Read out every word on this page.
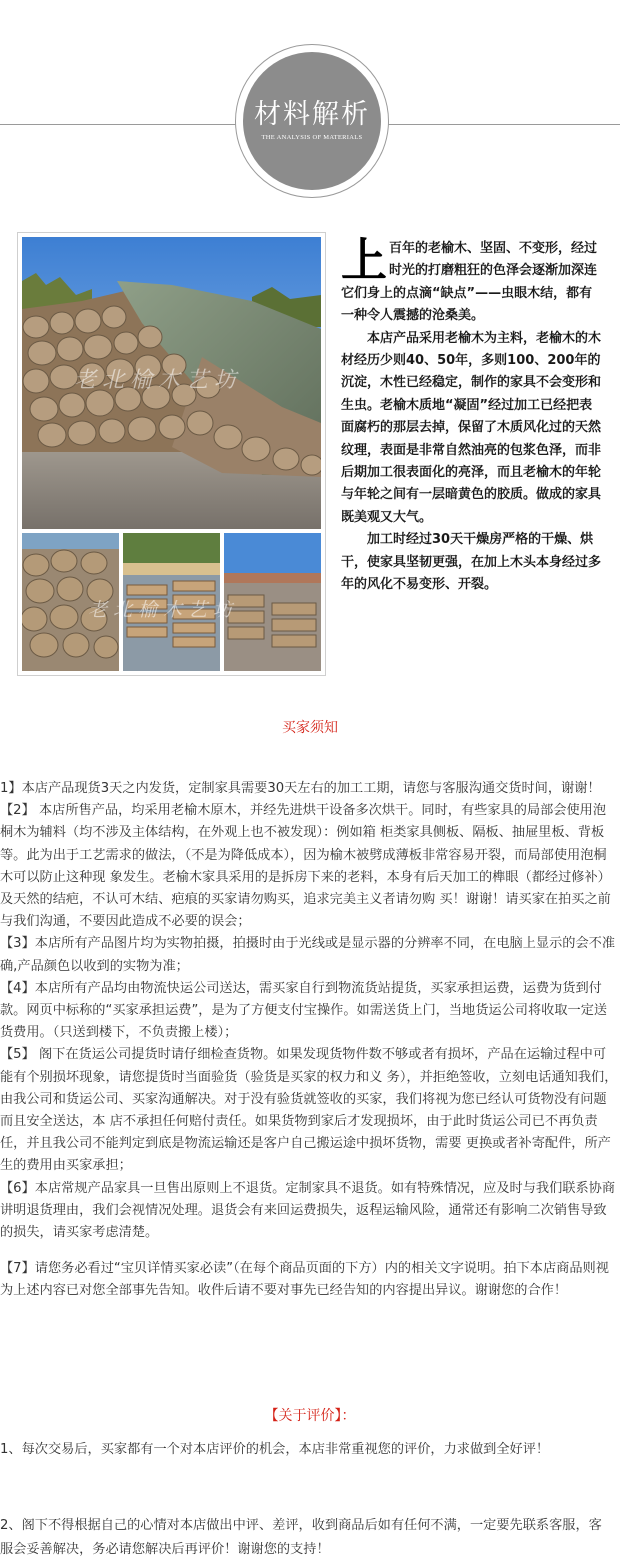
材料解析
THE ANALYSIS OF MATERIALS
老北榆木艺坊
老北榆木艺坊

上百年的老榆木、坚固、不变形，经过时光的打磨粗狂的色泽会逐渐加深连它们身上的点滴“缺点”——虫眼木结，都有一种令人震撼的沧桑美。

本店产品采用老榆木为主料，老榆木的木材经历少则40、50年，多则100、200年的沉淀，木性已经稳定，制作的家具不会变形和生虫。老榆木质地“凝固”经过加工已经把表面腐朽的那层去掉，保留了木质风化过的天然纹理，表面是非常自然油亮的包浆色泽，而非后期加工很表面化的亮泽，而且老榆木的年轮与年轮之间有一层暗黄色的胶质。做成的家具既美观又大气。

加工时经过30天干燥房严格的干燥、烘干，使家具坚韧更强，在加上木头本身经过多年的风化不易变形、开裂。

买家须知

1】本店产品现货3天之内发货，定制家具需要30天左右的加工工期，请您与客服沟通交货时间，谢谢！

【2】 本店所售产品，均采用老榆木原木，并经先进烘干设备多次烘干。同时，有些家具的局部会使用泡桐木为辅料（均不涉及主体结构，在外观上也不被发现）：例如箱 柜类家具侧板、隔板、抽屉里板、背板等。此为出于工艺需求的做法，（不是为降低成本），因为榆木被劈成薄板非常容易开裂，而局部使用泡桐木可以防止这种现 象发生。老榆木家具采用的是拆房下来的老料，本身有后天加工的榫眼（都经过修补）及天然的结疤，不认可木结、疤痕的买家请勿购买，追求完美主义者请勿购 买！谢谢！请买家在拍买之前与我们沟通，不要因此造成不必要的误会；

【3】本店所有产品图片均为实物拍摄，拍摄时由于光线或是显示器的分辨率不同，在电脑上显示的会不准确,产品颜色以收到的实物为准；

【4】本店所有产品均由物流快运公司送达，需买家自行到物流货站提货，买家承担运费，运费为货到付款。网页中标称的“买家承担运费”，是为了方便支付宝操作。如需送货上门，当地货运公司将收取一定送货费用。（只送到楼下，不负责搬上楼）；

【5】 阁下在货运公司提货时请仔细检查货物。如果发现货物件数不够或者有损坏，产品在运输过程中可能有个别损坏现象，请您提货时当面验货（验货是买家的权力和义 务），并拒绝签收，立刻电话通知我们，由我公司和货运公司、买家沟通解决。对于没有验货就签收的买家，我们将视为您已经认可货物没有问题而且安全送达，本 店不承担任何赔付责任。如果货物到家后才发现损坏，由于此时货运公司已不再负责任，并且我公司不能判定到底是物流运输还是客户自己搬运途中损坏货物，需要 更换或者补寄配件，所产生的费用由买家承担；

【6】本店常规产品家具一旦售出原则上不退货。定制家具不退货。如有特殊情况，应及时与我们联系协商讲明退货理由，我们会视情况处理。退货会有来回运费损失，返程运输风险，通常还有影响二次销售导致的损失，请买家考虑清楚。

【7】请您务必看过“宝贝详情买家必读”（在每个商品页面的下方）内的相关文字说明。拍下本店商品则视为上述内容已对您全部事先告知。收件后请不要对事先已经告知的内容提出异议。谢谢您的合作！

【关于评价】：

1、每次交易后，买家都有一个对本店评价的机会，本店非常重视您的评价，力求做到全好评！

2、阁下不得根据自己的心情对本店做出中评、差评，收到商品后如有任何不满，一定要先联系客服，客服会妥善解决，务必请您解决后再评价！谢谢您的支持！
